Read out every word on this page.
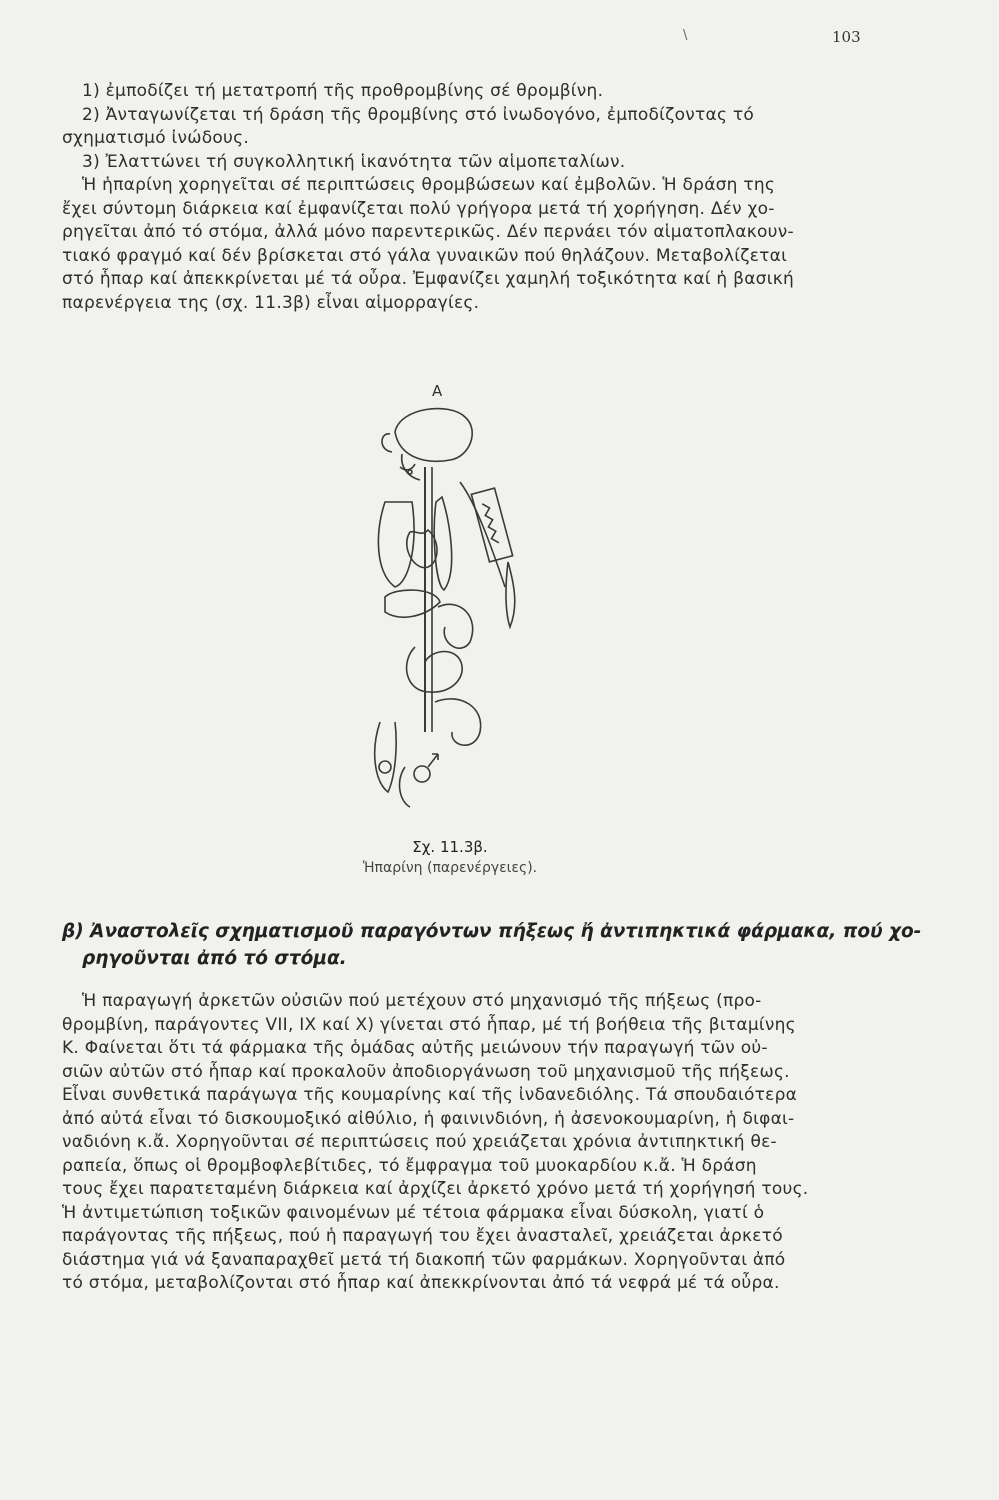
103
\
1) ἐμποδίζει τή μετατροπή τῆς προθρομβίνης σέ θρομβίνη.
2) Ἀνταγωνίζεται τή δράση τῆς θρομβίνης στό ἰνωδογόνο, ἐμποδίζοντας τό
σχηματισμό ἰνώδους.
3) Ἐλαττώνει τή συγκολλητική ἱκανότητα τῶν αἱμοπεταλίων.
Ἡ ἡπαρίνη χορηγεῖται σέ περιπτώσεις θρομβώσεων καί ἐμβολῶν. Ἡ δράση της
ἔχει σύντομη διάρκεια καί ἐμφανίζεται πολύ γρήγορα μετά τή χορήγηση. Δέν χο-
ρηγεῖται ἀπό τό στόμα, ἀλλά μόνο παρεντερικῶς. Δέν περνάει τόν αἱματοπλακουν-
τιακό φραγμό καί δέν βρίσκεται στό γάλα γυναικῶν πού θηλάζουν. Μεταβολίζεται
στό ἧπαρ καί ἀπεκκρίνεται μέ τά οὖρα. Ἐμφανίζει χαμηλή τοξικότητα καί ἡ βασική
παρενέργεια της (σχ. 11.3β) εἶναι αἱμορραγίες.
Α
Σχ. 11.3β.
Ἡπαρίνη (παρενέργειες).
β) Ἀναστολεῖς σχηματισμοῦ παραγόντων πήξεως ἤ ἀντιπηκτικά φάρμακα, πού χο-
ρηγοῦνται ἀπό τό στόμα.
Ἡ παραγωγή ἀρκετῶν οὐσιῶν πού μετέχουν στό μηχανισμό τῆς πήξεως (προ-
θρομβίνη, παράγοντες VII, IX καί X) γίνεται στό ἧπαρ, μέ τή βοήθεια τῆς βιταμίνης
Κ. Φαίνεται ὅτι τά φάρμακα τῆς ὁμάδας αὐτῆς μειώνουν τήν παραγωγή τῶν οὐ-
σιῶν αὐτῶν στό ἧπαρ καί προκαλοῦν ἀποδιοργάνωση τοῦ μηχανισμοῦ τῆς πήξεως.
Εἶναι συνθετικά παράγωγα τῆς κουμαρίνης καί τῆς ἰνδανεδιόλης. Τά σπουδαιότερα
ἀπό αὐτά εἶναι τό δισκουμοξικό αἰθύλιο, ἡ φαινινδιόνη, ἡ ἀσενοκουμαρίνη, ἡ διφαι-
ναδιόνη κ.ἄ. Χορηγοῦνται σέ περιπτώσεις πού χρειάζεται χρόνια ἀντιπηκτική θε-
ραπεία, ὅπως οἱ θρομβοφλεβίτιδες, τό ἔμφραγμα τοῦ μυοκαρδίου κ.ἄ. Ἡ δράση
τους ἔχει παρατεταμένη διάρκεια καί ἀρχίζει ἀρκετό χρόνο μετά τή χορήγησή τους.
Ἡ ἀντιμετώπιση τοξικῶν φαινομένων μέ τέτοια φάρμακα εἶναι δύσκολη, γιατί ὁ
παράγοντας τῆς πήξεως, πού ἡ παραγωγή του ἔχει ἀνασταλεῖ, χρειάζεται ἀρκετό
διάστημα γιά νά ξαναπαραχθεῖ μετά τή διακοπή τῶν φαρμάκων. Χορηγοῦνται ἀπό
τό στόμα, μεταβολίζονται στό ἧπαρ καί ἀπεκκρίνονται ἀπό τά νεφρά μέ τά οὖρα.
